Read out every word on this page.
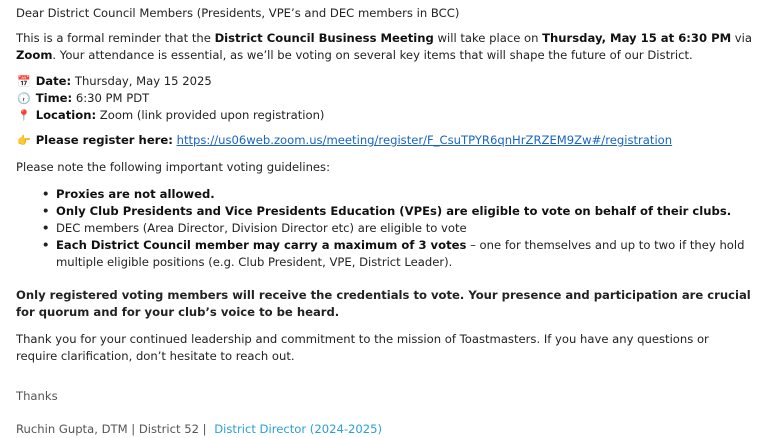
Dear District Council Members (Presidents, VPE’s and DEC members in BCC)

This is a formal reminder that the District Council Business Meeting will take place on Thursday, May 15 at 6:30 PM via Zoom. Your attendance is essential, as we’ll be voting on several key items that will shape the future of our District.

📅 Date: Thursday, May 15 2025
🕡 Time: 6:30 PM PDT
📍 Location: Zoom (link provided upon registration)

👉 Please register here: https://us06web.zoom.us/meeting/register/F_CsuTPYR6qnHrZRZEM9Zw#/registration

Please note the following important voting guidelines:

• Proxies are not allowed.
• Only Club Presidents and Vice Presidents Education (VPEs) are eligible to vote on behalf of their clubs.
• DEC members (Area Director, Division Director etc) are eligible to vote
• Each District Council member may carry a maximum of 3 votes – one for themselves and up to two if they hold multiple eligible positions (e.g. Club President, VPE, District Leader).

Only registered voting members will receive the credentials to vote. Your presence and participation are crucial for quorum and for your club’s voice to be heard.

Thank you for your continued leadership and commitment to the mission of Toastmasters. If you have any questions or require clarification, don’t hesitate to reach out.

Thanks

Ruchin Gupta, DTM | District 52 | District Director (2024-2025)
